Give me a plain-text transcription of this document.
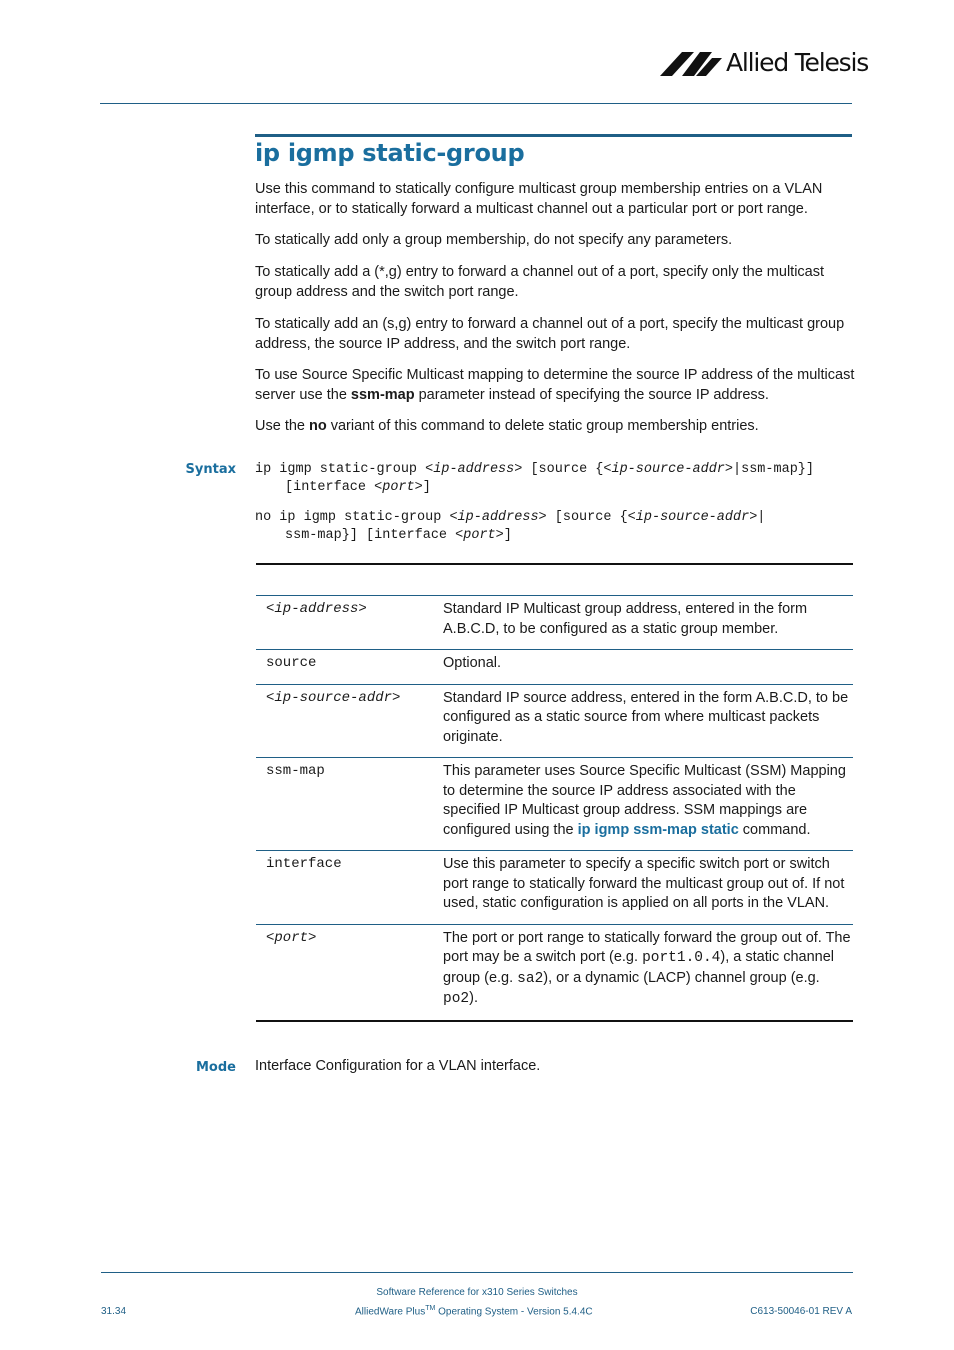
Allied Telesis
ip igmp static-group
Use this command to statically configure multicast group membership entries on a VLAN interface, or to statically forward a multicast channel out a particular port or port range.
To statically add only a group membership, do not specify any parameters.
To statically add a (*,g) entry to forward a channel out of a port, specify only the multicast group address and the switch port range.
To statically add an (s,g) entry to forward a channel out of a port, specify the multicast group address, the source IP address, and the switch port range.
To use Source Specific Multicast mapping to determine the source IP address of the multicast server use the ssm-map parameter instead of specifying the source IP address.
Use the no variant of this command to delete static group membership entries.
Syntax ip igmp static-group <ip-address> [source {<ip-source-addr>|ssm-map}]
[interface <port>]
no ip igmp static-group <ip-address> [source {<ip-source-addr>|
ssm-map}] [interface <port>]
<ip-address>	Standard IP Multicast group address, entered in the form A.B.C.D, to be configured as a static group member.
source	Optional.
<ip-source-addr>	Standard IP source address, entered in the form A.B.C.D, to be configured as a static source from where multicast packets originate.
ssm-map	This parameter uses Source Specific Multicast (SSM) Mapping to determine the source IP address associated with the specified IP Multicast group address. SSM mappings are configured using the ip igmp ssm-map static command.
interface	Use this parameter to specify a specific switch port or switch port range to statically forward the multicast group out of. If not used, static configuration is applied on all ports in the VLAN.
<port>	The port or port range to statically forward the group out of. The port may be a switch port (e.g. port1.0.4), a static channel group (e.g. sa2), or a dynamic (LACP) channel group (e.g. po2).
Mode Interface Configuration for a VLAN interface.
Software Reference for x310 Series Switches
AlliedWare Plus™ Operating System - Version 5.4.4C
31.34	C613-50046-01 REV A
